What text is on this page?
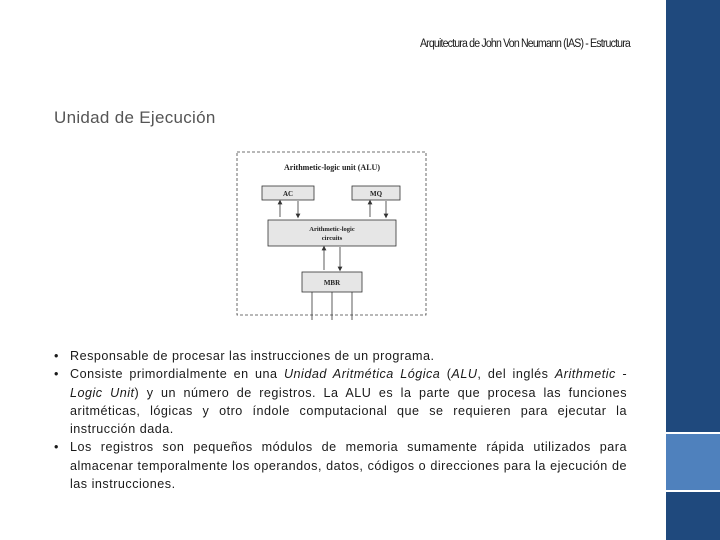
Arquitectura de John Von Neumann (IAS) - Estructura
Unidad de Ejecución
Arithmetic-logic unit (ALU)
AC	MQ
Arithmetic-logic
circuits
MBR
• Responsable de procesar las instrucciones de un programa.
• Consiste primordialmente en una Unidad Aritmética Lógica (ALU, del inglés Arithmetic -Logic Unit) y un número de registros. La ALU es la parte que procesa las funciones aritméticas, lógicas y otro índole computacional que se requieren para ejecutar la instrucción dada.
• Los registros son pequeños módulos de memoria sumamente rápida utilizados para almacenar temporalmente los operandos, datos, códigos o direcciones para la ejecución de las instrucciones.
